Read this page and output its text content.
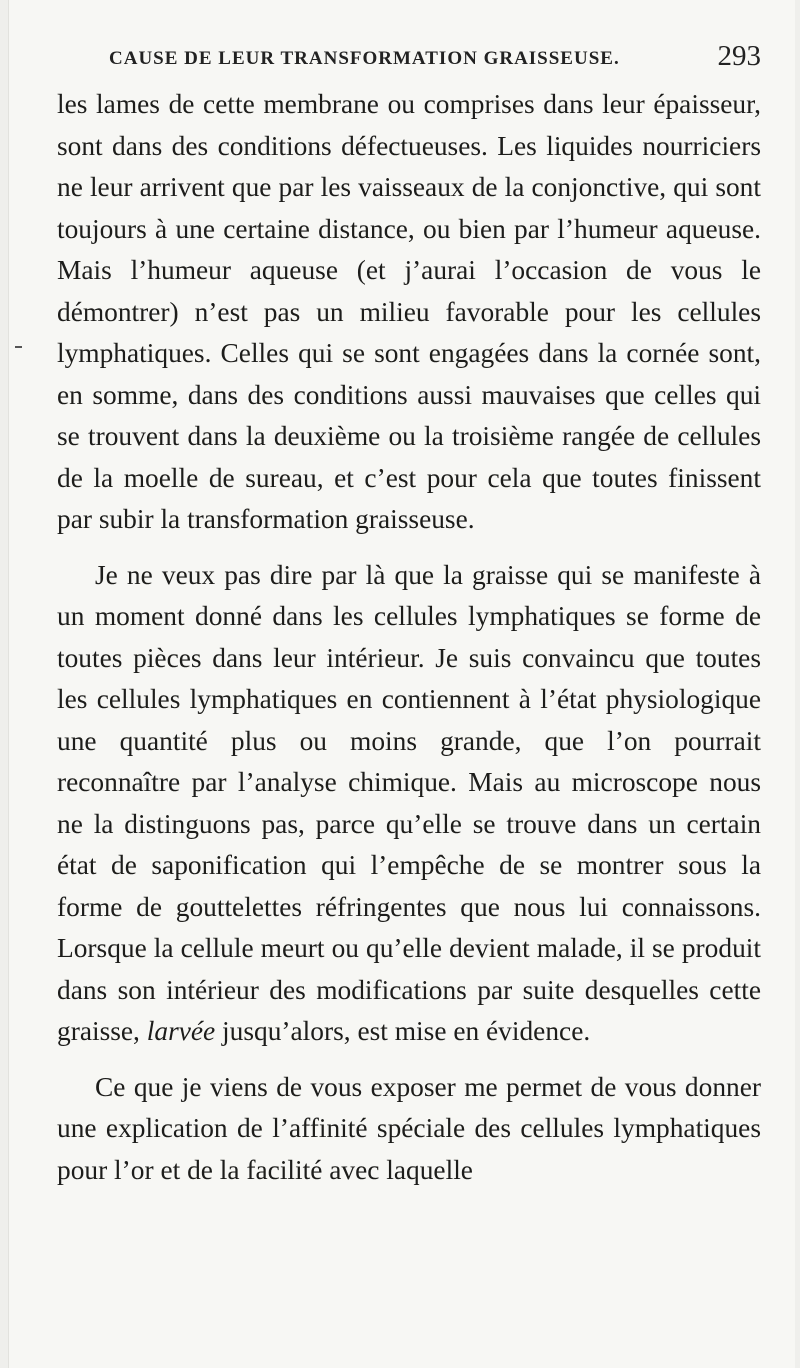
CAUSE DE LEUR TRANSFORMATION GRAISSEUSE.	293

les lames de cette membrane ou comprises dans leur épaisseur, sont dans des conditions défectueuses. Les liquides nourriciers ne leur arrivent que par les vaisseaux de la conjonctive, qui sont toujours à une certaine distance, ou bien par l’humeur aqueuse. Mais l’humeur aqueuse (et j’aurai l’occasion de vous le démontrer) n’est pas un milieu favorable pour les cellules lymphatiques. Celles qui se sont engagées dans la cornée sont, en somme, dans des conditions aussi mauvaises que celles qui se trouvent dans la deuxième ou la troisième rangée de cellules de la moelle de sureau, et c’est pour cela que toutes finissent par subir la transformation graisseuse.

Je ne veux pas dire par là que la graisse qui se manifeste à un moment donné dans les cellules lymphatiques se forme de toutes pièces dans leur intérieur. Je suis convaincu que toutes les cellules lymphatiques en contiennent à l’état physiologique une quantité plus ou moins grande, que l’on pourrait reconnaître par l’analyse chimique. Mais au microscope nous ne la distinguons pas, parce qu’elle se trouve dans un certain état de saponification qui l’empêche de se montrer sous la forme de gouttelettes réfringentes que nous lui connaissons. Lorsque la cellule meurt ou qu’elle devient malade, il se produit dans son intérieur des modifications par suite desquelles cette graisse, larvée jusqu’alors, est mise en évidence.

Ce que je viens de vous exposer me permet de vous donner une explication de l’affinité spéciale des cellules lymphatiques pour l’or et de la facilité avec laquelle
